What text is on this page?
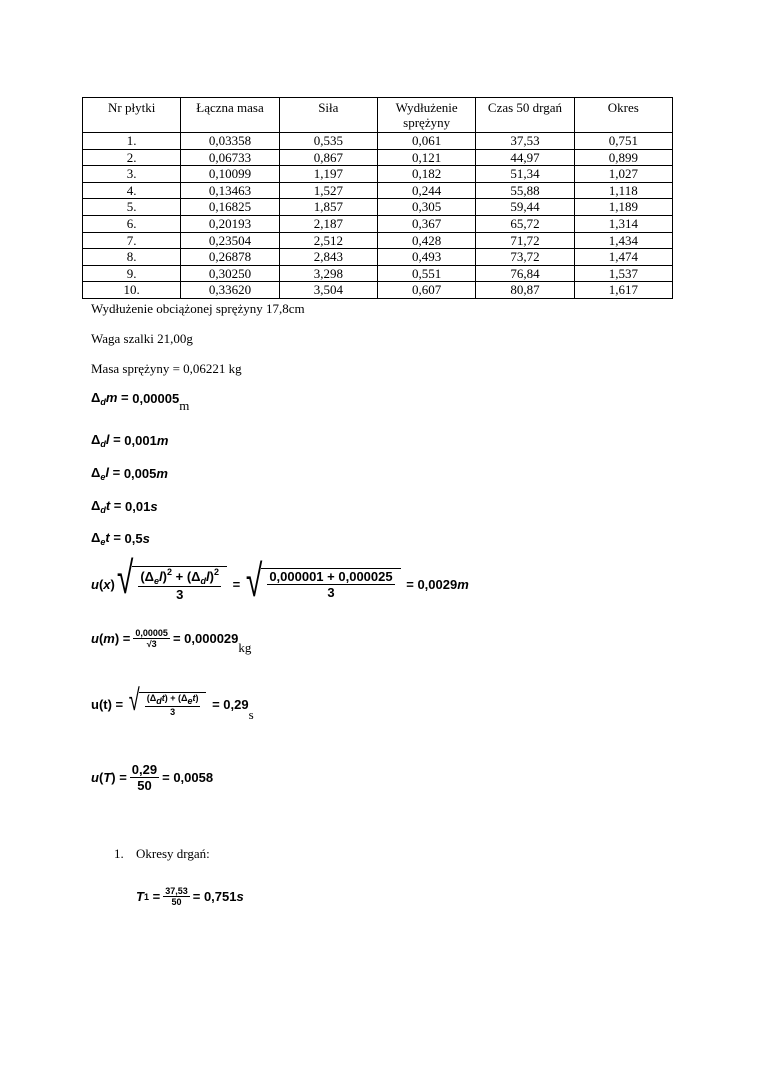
Nr płytki	Łączna masa	Siła	Wydłużenie sprężyny	Czas 50 drgań	Okres
1.	0,03358	0,535	0,061	37,53	0,751
2.	0,06733	0,867	0,121	44,97	0,899
3.	0,10099	1,197	0,182	51,34	1,027
4.	0,13463	1,527	0,244	55,88	1,118
5.	0,16825	1,857	0,305	59,44	1,189
6.	0,20193	2,187	0,367	65,72	1,314
7.	0,23504	2,512	0,428	71,72	1,434
8.	0,26878	2,843	0,493	73,72	1,474
9.	0,30250	3,298	0,551	76,84	1,537
10.	0,33620	3,504	0,607	80,87	1,617
Wydłużenie obciążonej sprężyny 17,8cm
Waga szalki 21,00g
Masa sprężyny = 0,06221 kg
$\Delta_dm = 0,00005$ m
$\Delta_dl = 0,001$ m
$\Delta_el = 0,005$ m
$\Delta_dt = 0,01$ s
$\Delta_et = 0,5$ s
u ( x ) √ $\frac{(\Delta_el)^2 + (\Delta_dl)^2}{3}$ = √ $\frac{0,000001 + 0,000025}{3} = 0,0029$ m
u ( m ) = $\frac{0,00005}{√3} = 0,000029$
kg
u(t) = √ $\frac{\text{(Δdt) + (Δet)}}{3} = 0,29$
s
u ( T ) = $\frac{0,29}{50} = 0,0058$
1. Okresy drgań:
T $1 = \frac{37,53}{50} = 0,751$ s
